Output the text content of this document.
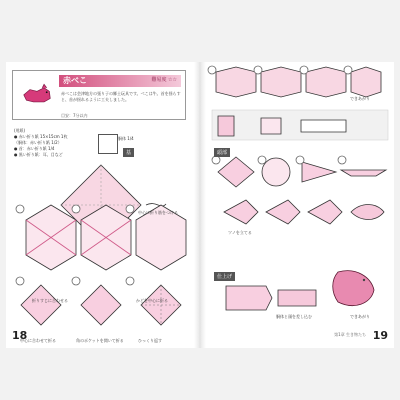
赤べこ	難易度 ☆☆
赤べこは会津地方の張り子の郷土玩具です。べこは牛。首を揺らすと、首が揺れるように工夫しました。
目安：7分以内
(用紙)
● 赤い折り紙 15×15cm 1枚
（胴体：赤い折り紙 1/2）
● 首：赤い折り紙 1/4
● 黒い折り紙：耳、目など
胴体 1/4
基
中心に折り筋をつける
折りすじに合わせる	かどを中心に折る
中心に合わせて折る	角のポケットを開いて折る	ひっくり返す
18
頭部
仕上げ
できあがり
ツノを立てる
胴体と頭を差し込む	できあがり
第1章 生き物たち 19
